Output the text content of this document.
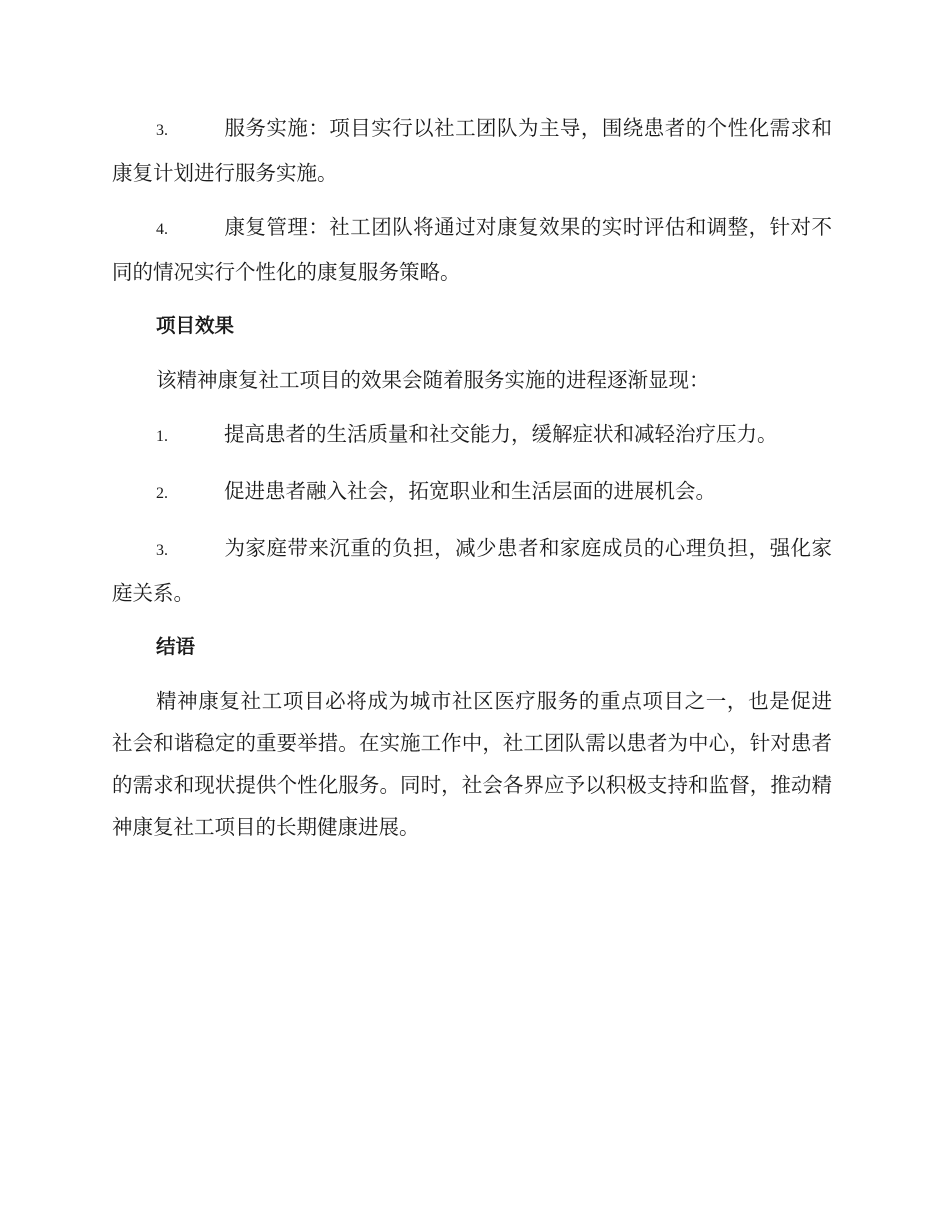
3.	服务实施：项目实行以社工团队为主导，围绕患者的个性化需求和康复计划进行服务实施。

4.	康复管理：社工团队将通过对康复效果的实时评估和调整，针对不同的情况实行个性化的康复服务策略。

项目效果

该精神康复社工项目的效果会随着服务实施的进程逐渐显现：

1.	提高患者的生活质量和社交能力，缓解症状和减轻治疗压力。

2.	促进患者融入社会，拓宽职业和生活层面的进展机会。

3.	为家庭带来沉重的负担，减少患者和家庭成员的心理负担，强化家庭关系。

结语

精神康复社工项目必将成为城市社区医疗服务的重点项目之一，也是促进社会和谐稳定的重要举措。在实施工作中，社工团队需以患者为中心，针对患者的需求和现状提供个性化服务。同时，社会各界应予以积极支持和监督，推动精神康复社工项目的长期健康进展。
